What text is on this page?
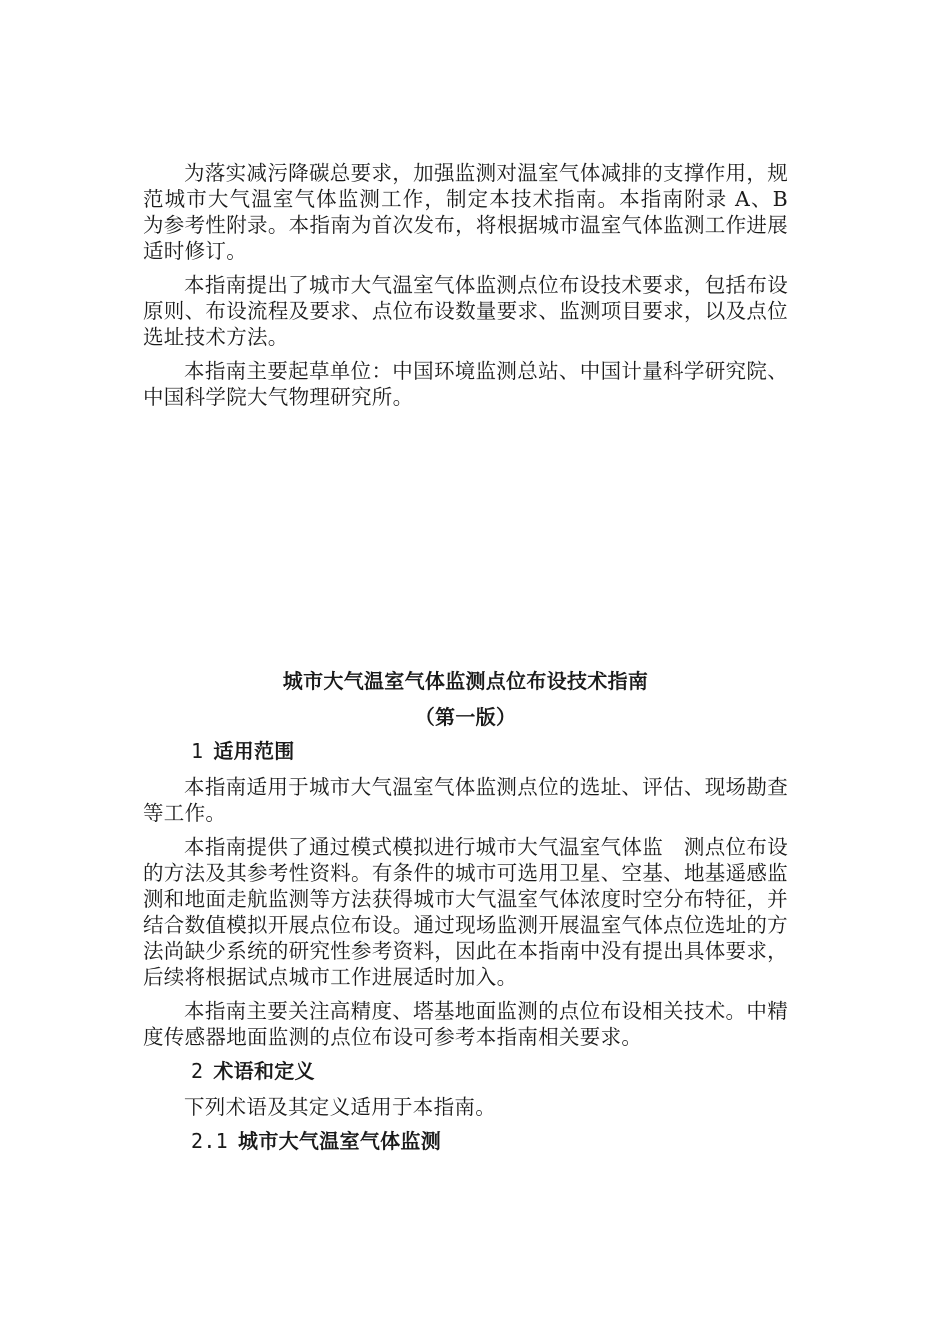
为落实减污降碳总要求，加强监测对温室气体减排的支撑作用，规范城市大气温室气体监测工作，制定本技术指南。本指南附录 A、B 为参考性附录。本指南为首次发布，将根据城市温室气体监测工作进展适时修订。

本指南提出了城市大气温室气体监测点位布设技术要求，包括布设原则、布设流程及要求、点位布设数量要求、监测项目要求，以及点位选址技术方法。

本指南主要起草单位：中国环境监测总站、中国计量科学研究院、中国科学院大气物理研究所。

城市大气温室气体监测点位布设技术指南

（第一版）

1 适用范围

本指南适用于城市大气温室气体监测点位的选址、评估、现场勘查等工作。

本指南提供了通过模式模拟进行城市大气温室气体监　测点位布设的方法及其参考性资料。有条件的城市可选用卫星、空基、地基遥感监测和地面走航监测等方法获得城市大气温室气体浓度时空分布特征，并结合数值模拟开展点位布设。通过现场监测开展温室气体点位选址的方法尚缺少系统的研究性参考资料，因此在本指南中没有提出具体要求，后续将根据试点城市工作进展适时加入。

本指南主要关注高精度、塔基地面监测的点位布设相关技术。中精度传感器地面监测的点位布设可参考本指南相关要求。

2 术语和定义

下列术语及其定义适用于本指南。

2.1 城市大气温室气体监测
